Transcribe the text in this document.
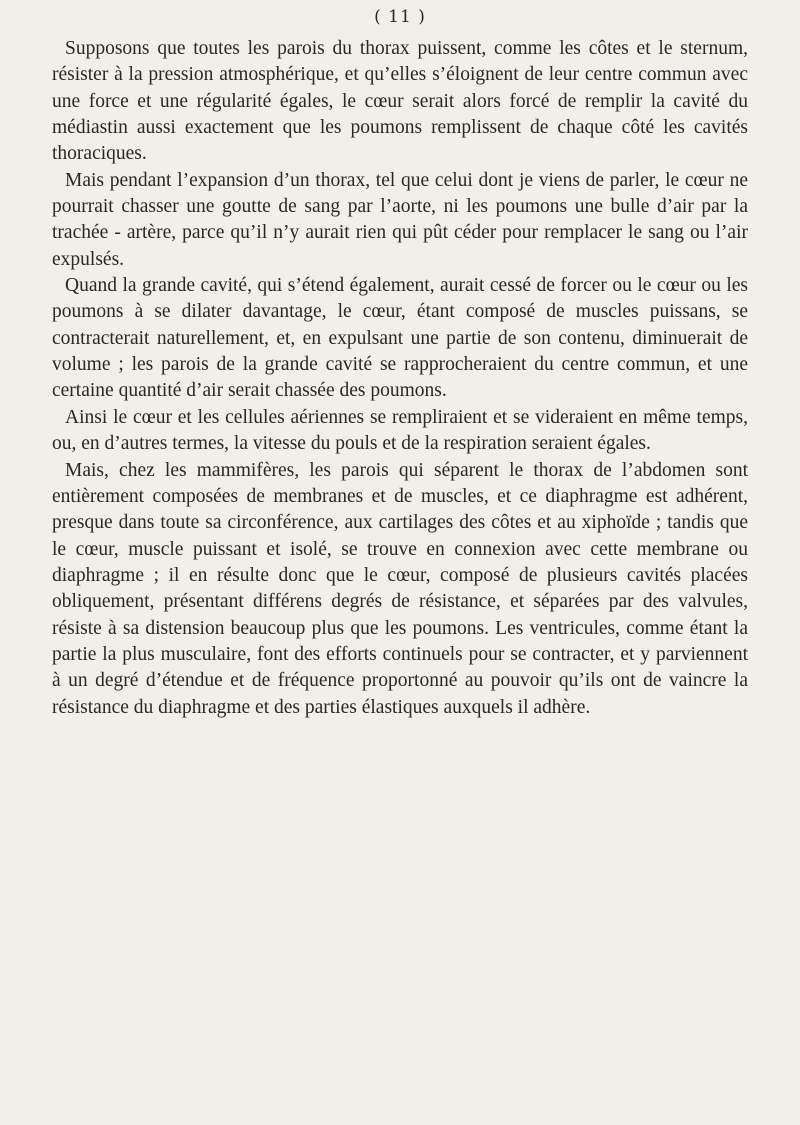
( 11 )

Supposons que toutes les parois du thorax puissent, comme les côtes et le sternum, résister à la pression atmosphérique, et qu’elles s’éloignent de leur centre commun avec une force et une régularité égales, le cœur serait alors forcé de remplir la cavité du médiastin aussi exactement que les poumons remplissent de chaque côté les cavités thoraciques.

Mais pendant l’expansion d’un thorax, tel que celui dont je viens de parler, le cœur ne pourrait chasser une goutte de sang par l’aorte, ni les poumons une bulle d’air par la trachée - artère, parce qu’il n’y aurait rien qui pût céder pour remplacer le sang ou l’air expulsés.

Quand la grande cavité, qui s’étend également, aurait cessé de forcer ou le cœur ou les poumons à se dilater davantage, le cœur, étant composé de muscles puissans, se contracterait naturellement, et, en expulsant une partie de son contenu, diminuerait de volume ; les parois de la grande cavité se rapprocheraient du centre commun, et une certaine quantité d’air serait chassée des poumons.

Ainsi le cœur et les cellules aériennes se rempliraient et se videraient en même temps, ou, en d’autres termes, la vitesse du pouls et de la respiration seraient égales.

Mais, chez les mammifères, les parois qui séparent le thorax de l’abdomen sont entièrement composées de membranes et de muscles, et ce diaphragme est adhérent, presque dans toute sa circonférence, aux cartilages des côtes et au xiphoïde ; tandis que le cœur, muscle puissant et isolé, se trouve en connexion avec cette membrane ou diaphragme ; il en résulte donc que le cœur, composé de plusieurs cavités placées obliquement, présentant différens degrés de résistance, et séparées par des valvules, résiste à sa distension beaucoup plus que les poumons. Les ventricules, comme étant la partie la plus musculaire, font des efforts continuels pour se contracter, et y parviennent à un degré d’étendue et de fréquence proportonné au pouvoir qu’ils ont de vaincre la résistance du diaphragme et des parties élastiques auxquels il adhère.
